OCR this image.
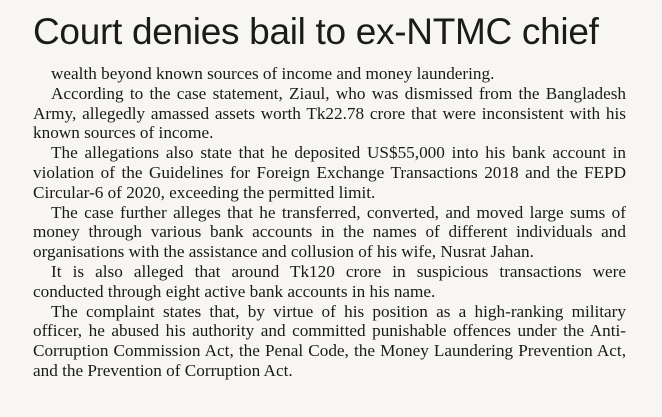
Court denies bail to ex-NTMC chief

wealth beyond known sources of income and money laundering.

According to the case statement, Ziaul, who was dismissed from the Bangladesh Army, allegedly amassed assets worth Tk22.78 crore that were inconsistent with his known sources of income.

The allegations also state that he deposited US$55,000 into his bank account in violation of the Guidelines for Foreign Exchange Transactions 2018 and the FEPD Circular-6 of 2020, exceeding the permitted limit.

The case further alleges that he transferred, converted, and moved large sums of money through various bank accounts in the names of different individuals and organisations with the assistance and collusion of his wife, Nusrat Jahan.

It is also alleged that around Tk120 crore in suspicious transactions were conducted through eight active bank accounts in his name.

The complaint states that, by virtue of his position as a high-ranking military officer, he abused his authority and committed punishable offences under the Anti-Corruption Commission Act, the Penal Code, the Money Laundering Prevention Act, and the Prevention of Corruption Act.
